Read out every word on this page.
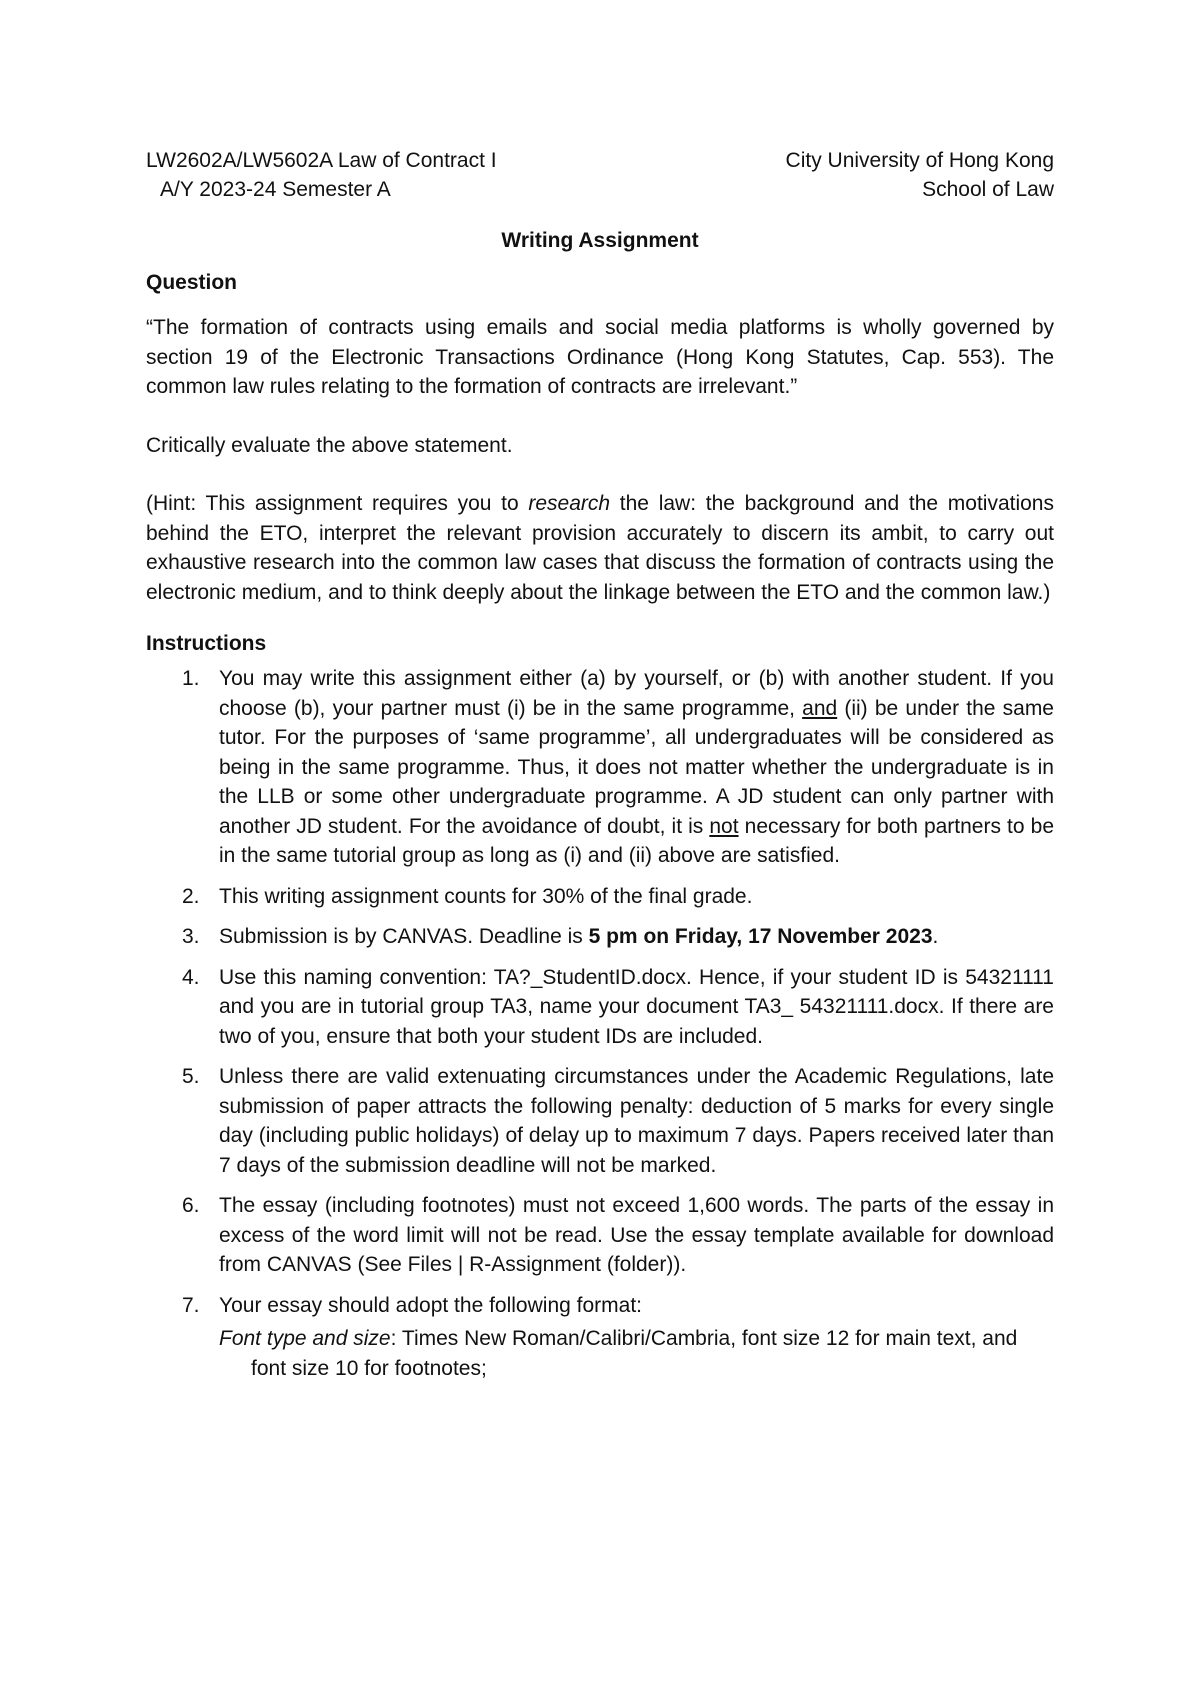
LW2602A/LW5602A Law of Contract I	City University of Hong Kong
A/Y 2023-24 Semester A	School of Law
Writing Assignment
Question
“The formation of contracts using emails and social media platforms is wholly governed by section 19 of the Electronic Transactions Ordinance (Hong Kong Statutes, Cap. 553). The common law rules relating to the formation of contracts are irrelevant.”
Critically evaluate the above statement.
(Hint: This assignment requires you to research the law: the background and the motivations behind the ETO, interpret the relevant provision accurately to discern its ambit, to carry out exhaustive research into the common law cases that discuss the formation of contracts using the electronic medium, and to think deeply about the linkage between the ETO and the common law.)
Instructions
1. You may write this assignment either (a) by yourself, or (b) with another student. If you choose (b), your partner must (i) be in the same programme, and (ii) be under the same tutor. For the purposes of ‘same programme’, all undergraduates will be considered as being in the same programme. Thus, it does not matter whether the undergraduate is in the LLB or some other undergraduate programme. A JD student can only partner with another JD student. For the avoidance of doubt, it is not necessary for both partners to be in the same tutorial group as long as (i) and (ii) above are satisfied.
2. This writing assignment counts for 30% of the final grade.
3. Submission is by CANVAS. Deadline is 5 pm on Friday, 17 November 2023.
4. Use this naming convention: TA?_StudentID.docx. Hence, if your student ID is 54321111 and you are in tutorial group TA3, name your document TA3_ 54321111.docx. If there are two of you, ensure that both your student IDs are included.
5. Unless there are valid extenuating circumstances under the Academic Regulations, late submission of paper attracts the following penalty: deduction of 5 marks for every single day (including public holidays) of delay up to maximum 7 days. Papers received later than 7 days of the submission deadline will not be marked.
6. The essay (including footnotes) must not exceed 1,600 words. The parts of the essay in excess of the word limit will not be read. Use the essay template available for download from CANVAS (See Files | R-Assignment (folder)).
7. Your essay should adopt the following format:
Font type and size: Times New Roman/Calibri/Cambria, font size 12 for main text, and
font size 10 for footnotes;
